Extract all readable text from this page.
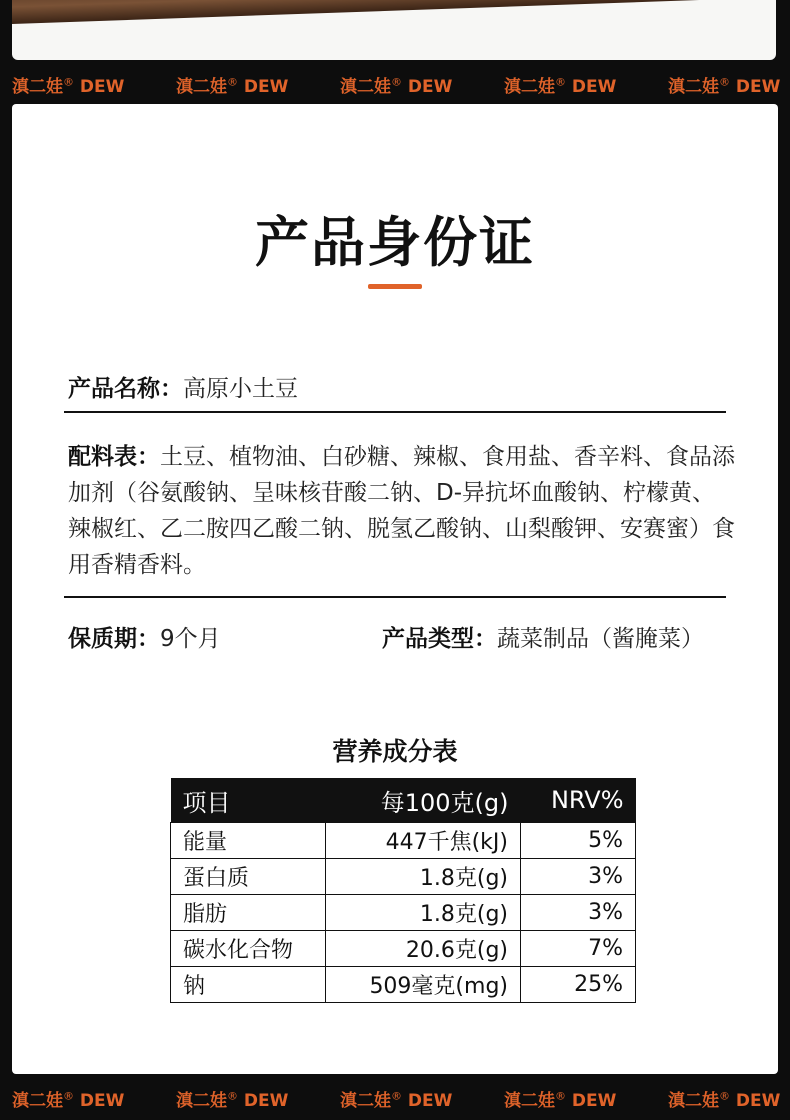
滇二娃® DEW	滇二娃® DEW	滇二娃® DEW	滇二娃® DEW	滇二娃® DEW
产品身份证
产品名称：高原小土豆
配料表：土豆、植物油、白砂糖、辣椒、食用盐、香辛料、食品添加剂（谷氨酸钠、呈味核苷酸二钠、D-异抗坏血酸钠、柠檬黄、辣椒红、乙二胺四乙酸二钠、脱氢乙酸钠、山梨酸钾、安赛蜜）食用香精香料。
保质期：9个月	产品类型：蔬菜制品（酱腌菜）
营养成分表
项目	每100克(g)	NRV%
能量	447千焦(kJ)	5%
蛋白质	1.8克(g)	3%
脂肪	1.8克(g)	3%
碳水化合物	20.6克(g)	7%
钠	509毫克(mg)	25%
滇二娃® DEW	滇二娃® DEW	滇二娃® DEW	滇二娃® DEW	滇二娃® DEW
